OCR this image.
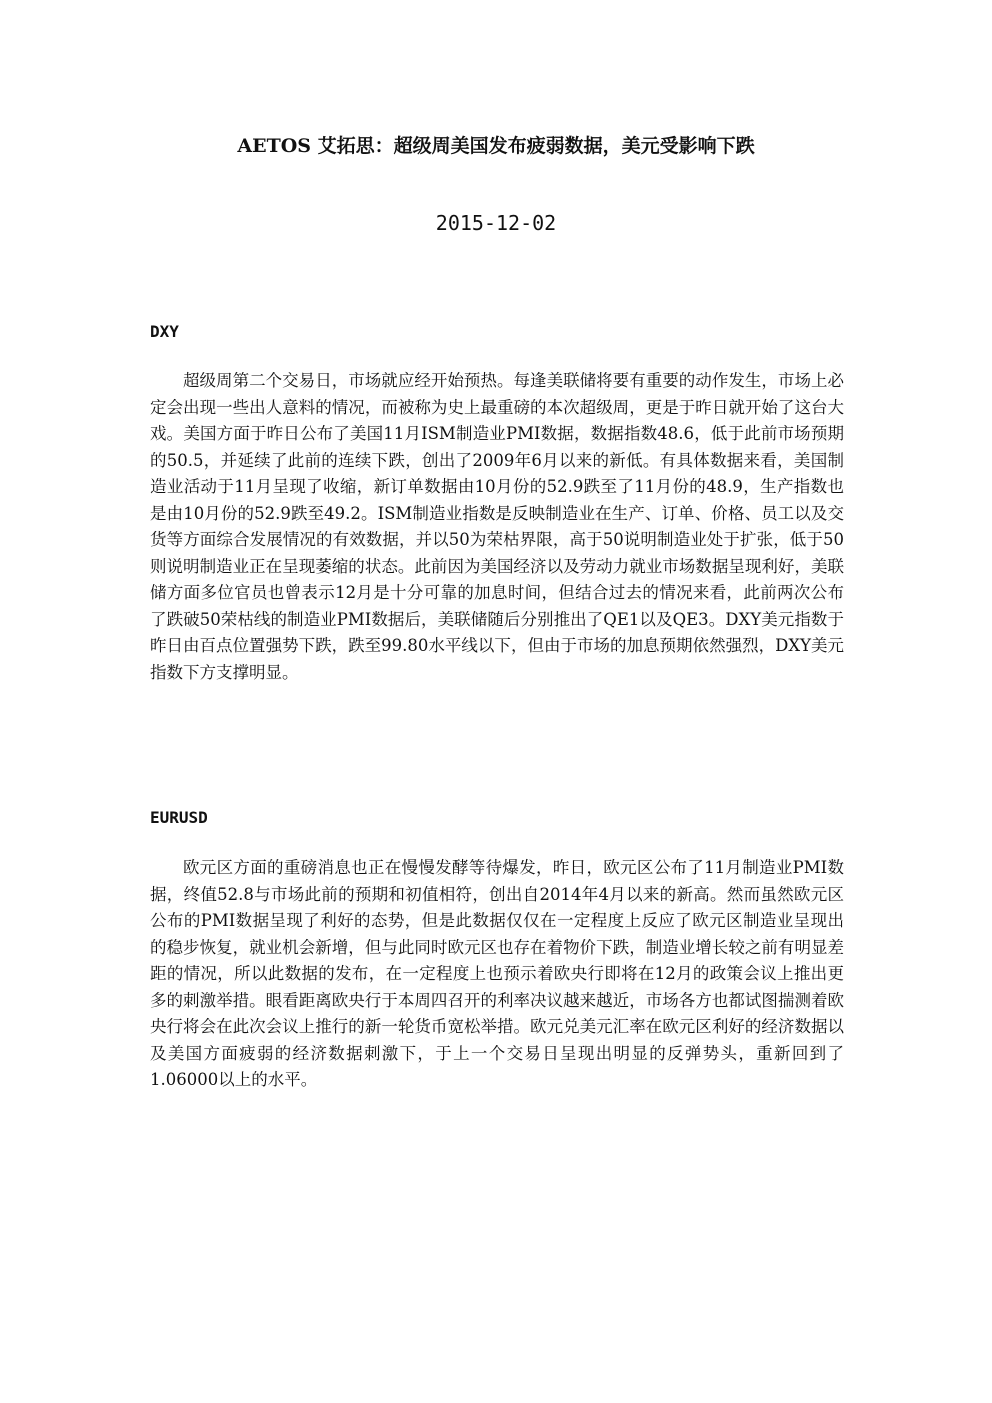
AETOS 艾拓思：超级周美国发布疲弱数据，美元受影响下跌
2015-12-02
DXY

超级周第二个交易日，市场就应经开始预热。每逢美联储将要有重要的动作发生，市场上必定会出现一些出人意料的情况，而被称为史上最重磅的本次超级周，更是于昨日就开始了这台大戏。美国方面于昨日公布了美国11月ISM制造业PMI数据，数据指数48.6，低于此前市场预期的50.5，并延续了此前的连续下跌，创出了2009年6月以来的新低。有具体数据来看，美国制造业活动于11月呈现了收缩，新订单数据由10月份的52.9跌至了11月份的48.9，生产指数也是由10月份的52.9跌至49.2。ISM制造业指数是反映制造业在生产、订单、价格、员工以及交货等方面综合发展情况的有效数据，并以50为荣枯界限，高于50说明制造业处于扩张，低于50则说明制造业正在呈现萎缩的状态。此前因为美国经济以及劳动力就业市场数据呈现利好，美联储方面多位官员也曾表示12月是十分可靠的加息时间，但结合过去的情况来看，此前两次公布了跌破50荣枯线的制造业PMI数据后，美联储随后分别推出了QE1以及QE3。DXY美元指数于昨日由百点位置强势下跌，跌至99.80水平线以下，但由于市场的加息预期依然强烈，DXY美元指数下方支撑明显。

EURUSD

欧元区方面的重磅消息也正在慢慢发酵等待爆发，昨日，欧元区公布了11月制造业PMI数据，终值52.8与市场此前的预期和初值相符，创出自2014年4月以来的新高。然而虽然欧元区公布的PMI数据呈现了利好的态势，但是此数据仅仅在一定程度上反应了欧元区制造业呈现出的稳步恢复，就业机会新增，但与此同时欧元区也存在着物价下跌，制造业增长较之前有明显差距的情况，所以此数据的发布，在一定程度上也预示着欧央行即将在12月的政策会议上推出更多的刺激举措。眼看距离欧央行于本周四召开的利率决议越来越近，市场各方也都试图揣测着欧央行将会在此次会议上推行的新一轮货币宽松举措。欧元兑美元汇率在欧元区利好的经济数据以及美国方面疲弱的经济数据刺激下，于上一个交易日呈现出明显的反弹势头，重新回到了1.06000以上的水平。
